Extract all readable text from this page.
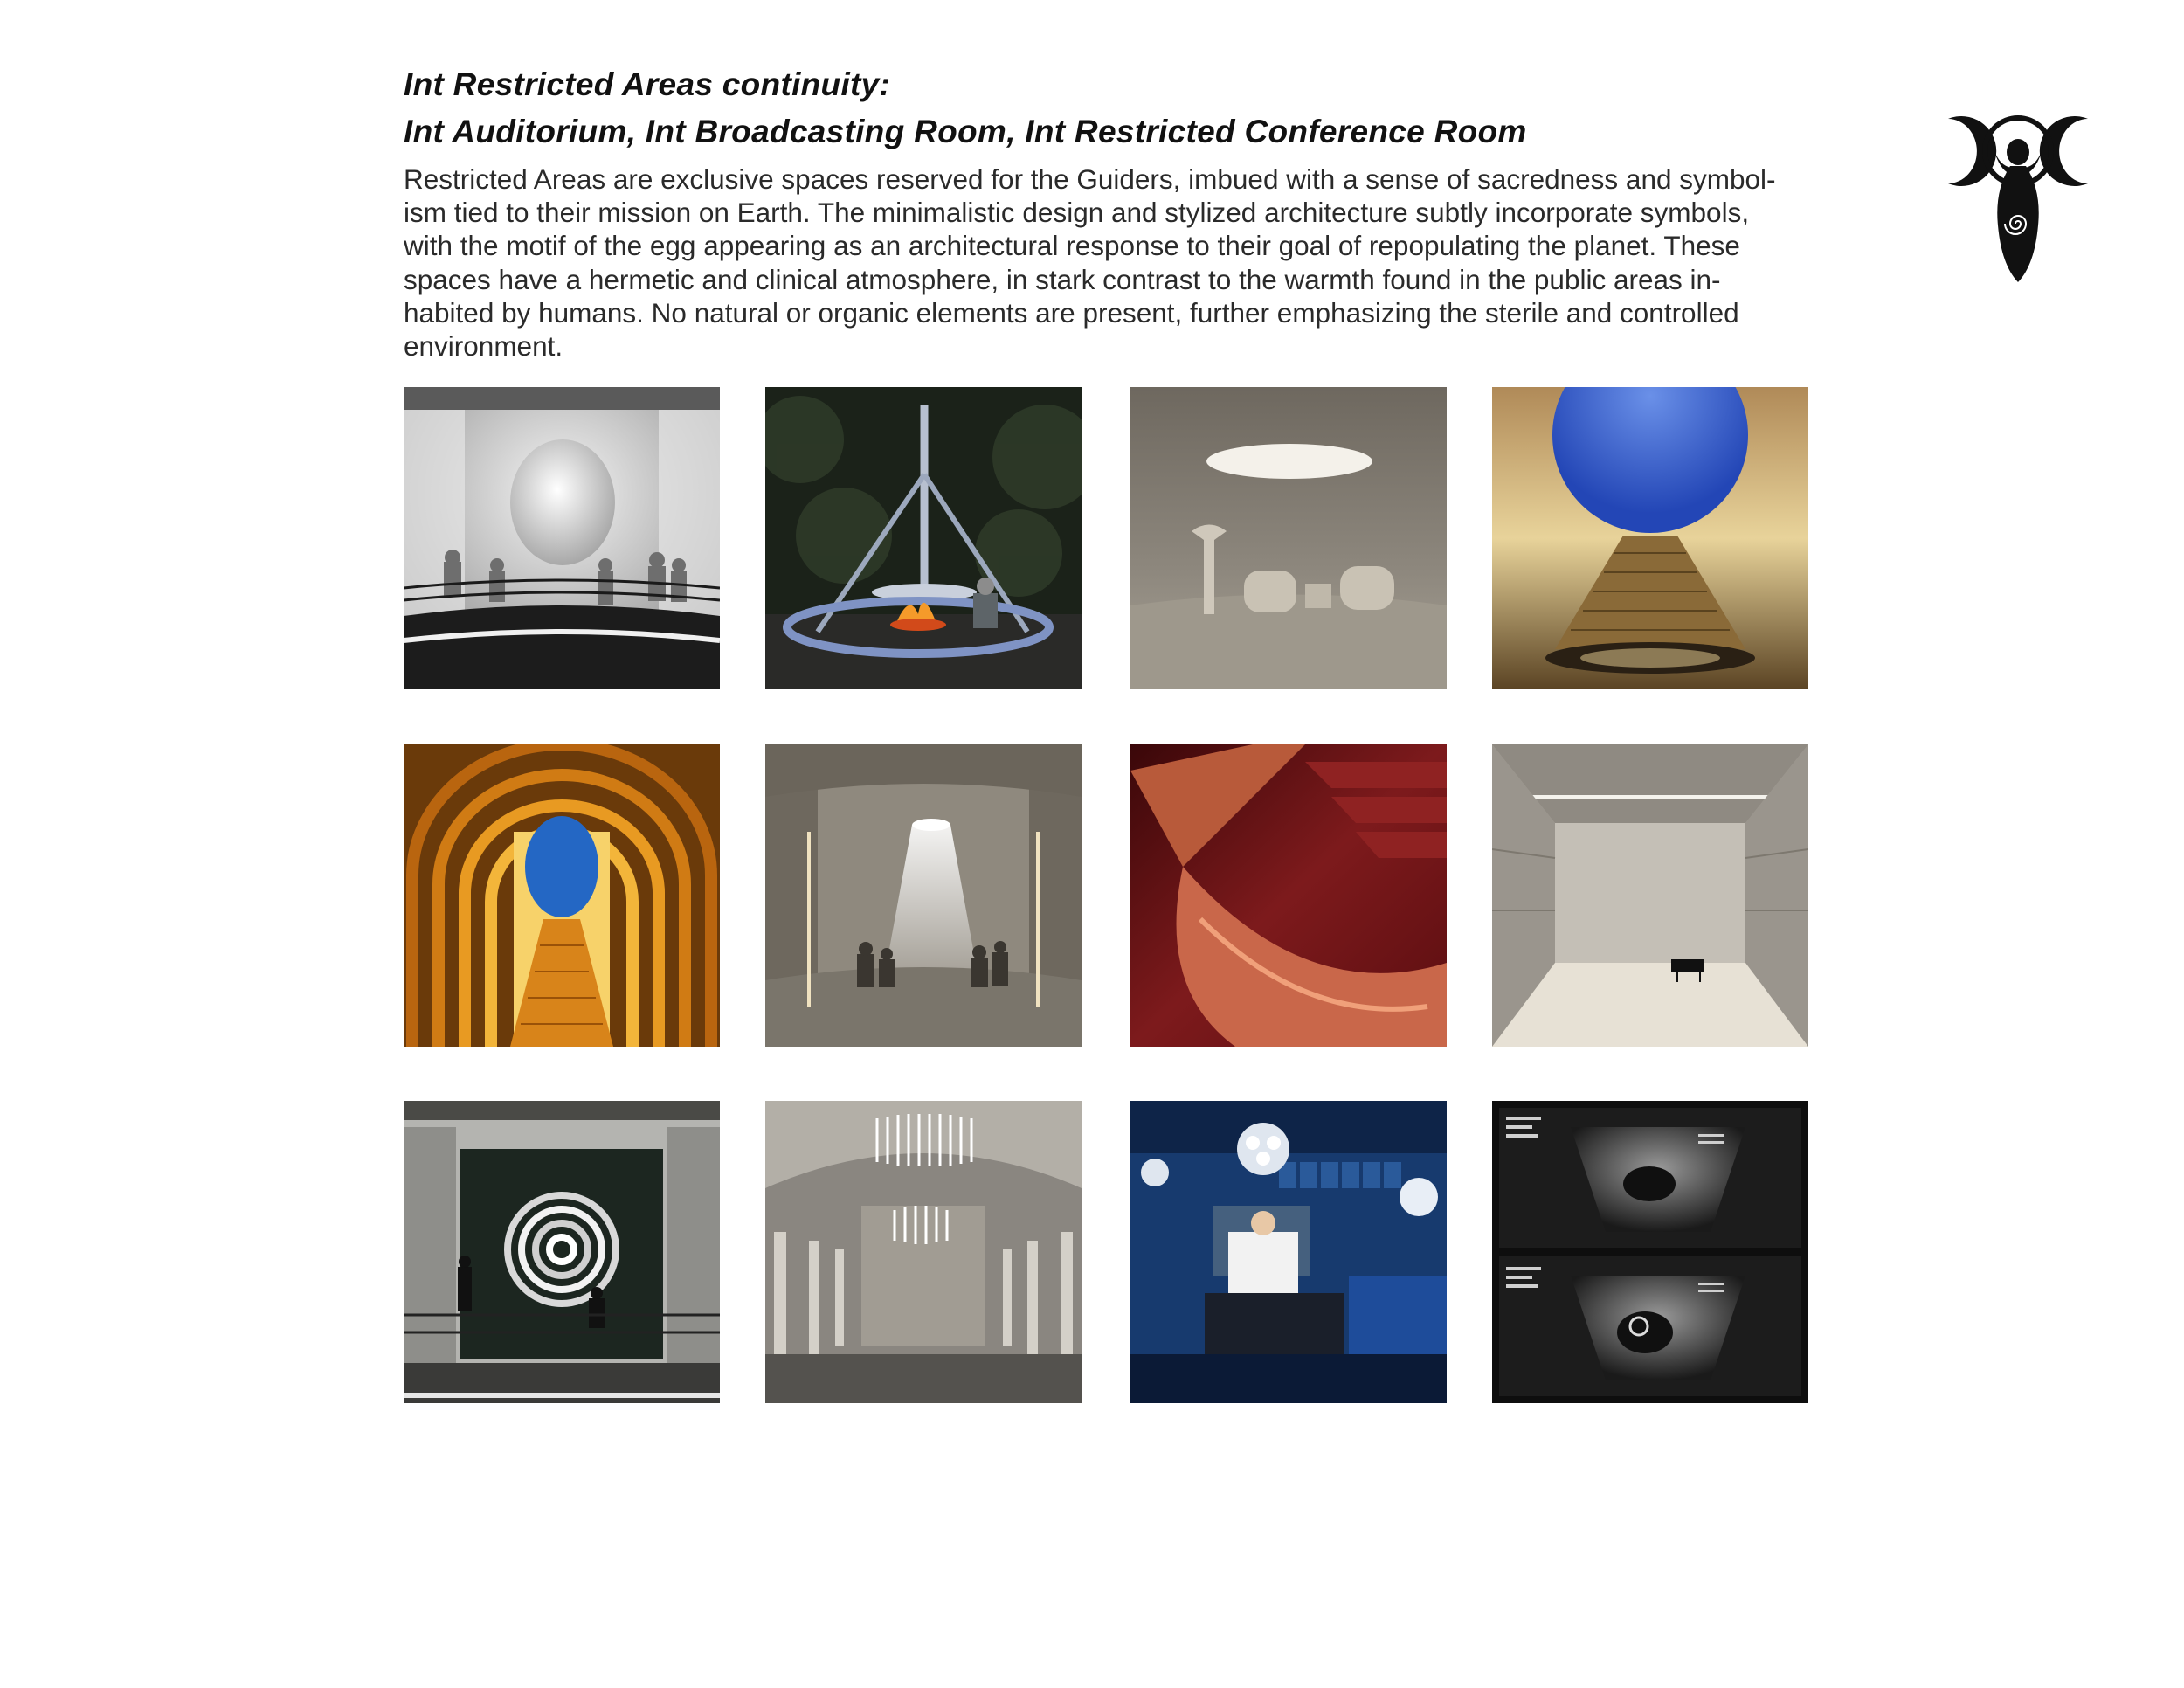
Int Restricted Areas continuity:
Int Auditorium, Int Broadcasting Room, Int Restricted Conference Room
Restricted Areas are exclusive spaces reserved for the Guiders, imbued with a sense of sacredness and symbol-
ism tied to their mission on Earth. The minimalistic design and stylized architecture subtly incorporate symbols,
with the motif of the egg appearing as an architectural response to their goal of repopulating the planet. These
spaces have a hermetic and clinical atmosphere, in stark contrast to the warmth found in the public areas in-
habited by humans. No natural or organic elements are present, further emphasizing the sterile and controlled
environment.
